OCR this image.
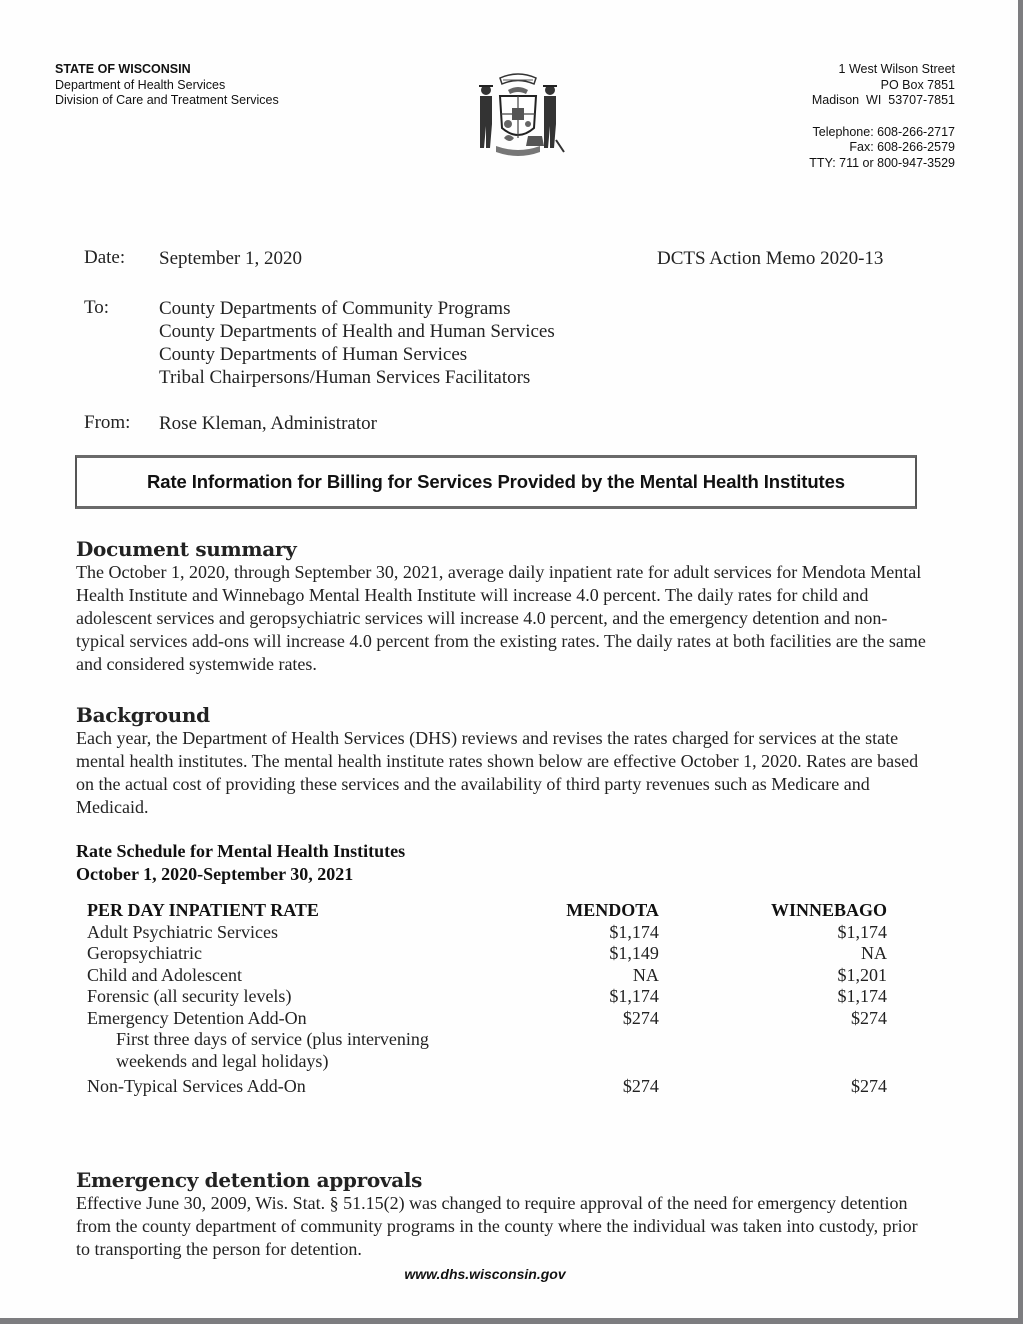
STATE OF WISCONSIN
Department of Health Services
Division of Care and Treatment Services
1 West Wilson Street
PO Box 7851
Madison  WI  53707-7851
Telephone: 608-266-2717
Fax: 608-266-2579
TTY: 711 or 800-947-3529
Date: September 1, 2020	DCTS Action Memo 2020-13
To:	County Departments of Community Programs
County Departments of Health and Human Services
County Departments of Human Services
Tribal Chairpersons/Human Services Facilitators
From: Rose Kleman, Administrator
Rate Information for Billing for Services Provided by the Mental Health Institutes
Document summary

The October 1, 2020, through September 30, 2021, average daily inpatient rate for adult services for Mendota Mental Health Institute and Winnebago Mental Health Institute will increase 4.0 percent. The daily rates for child and adolescent services and geropsychiatric services will increase 4.0 percent, and the emergency detention and non-typical services add-ons will increase 4.0 percent from the existing rates. The daily rates at both facilities are the same and considered systemwide rates.

Background

Each year, the Department of Health Services (DHS) reviews and revises the rates charged for services at the state mental health institutes. The mental health institute rates shown below are effective October 1, 2020. Rates are based on the actual cost of providing these services and the availability of third party revenues such as Medicare and Medicaid.

Rate Schedule for Mental Health Institutes
October 1, 2020-September 30, 2021
PER DAY INPATIENT RATE	MENDOTA		WINNEBAGO
Adult Psychiatric Services	$1,174		$1,174
Geropsychiatric	$1,149		NA
Child and Adolescent	NA		$1,201
Forensic (all security levels)	$1,174		$1,174
Emergency Detention Add-On	$274		$274
First three days of service (plus intervening			
weekends and legal holidays)			

Non-Typical Services Add-On	$274		$274
Emergency detention approvals

Effective June 30, 2009, Wis. Stat. § 51.15(2) was changed to require approval of the need for emergency detention from the county department of community programs in the county where the individual was taken into custody, prior to transporting the person for detention.

www.dhs.wisconsin.gov
